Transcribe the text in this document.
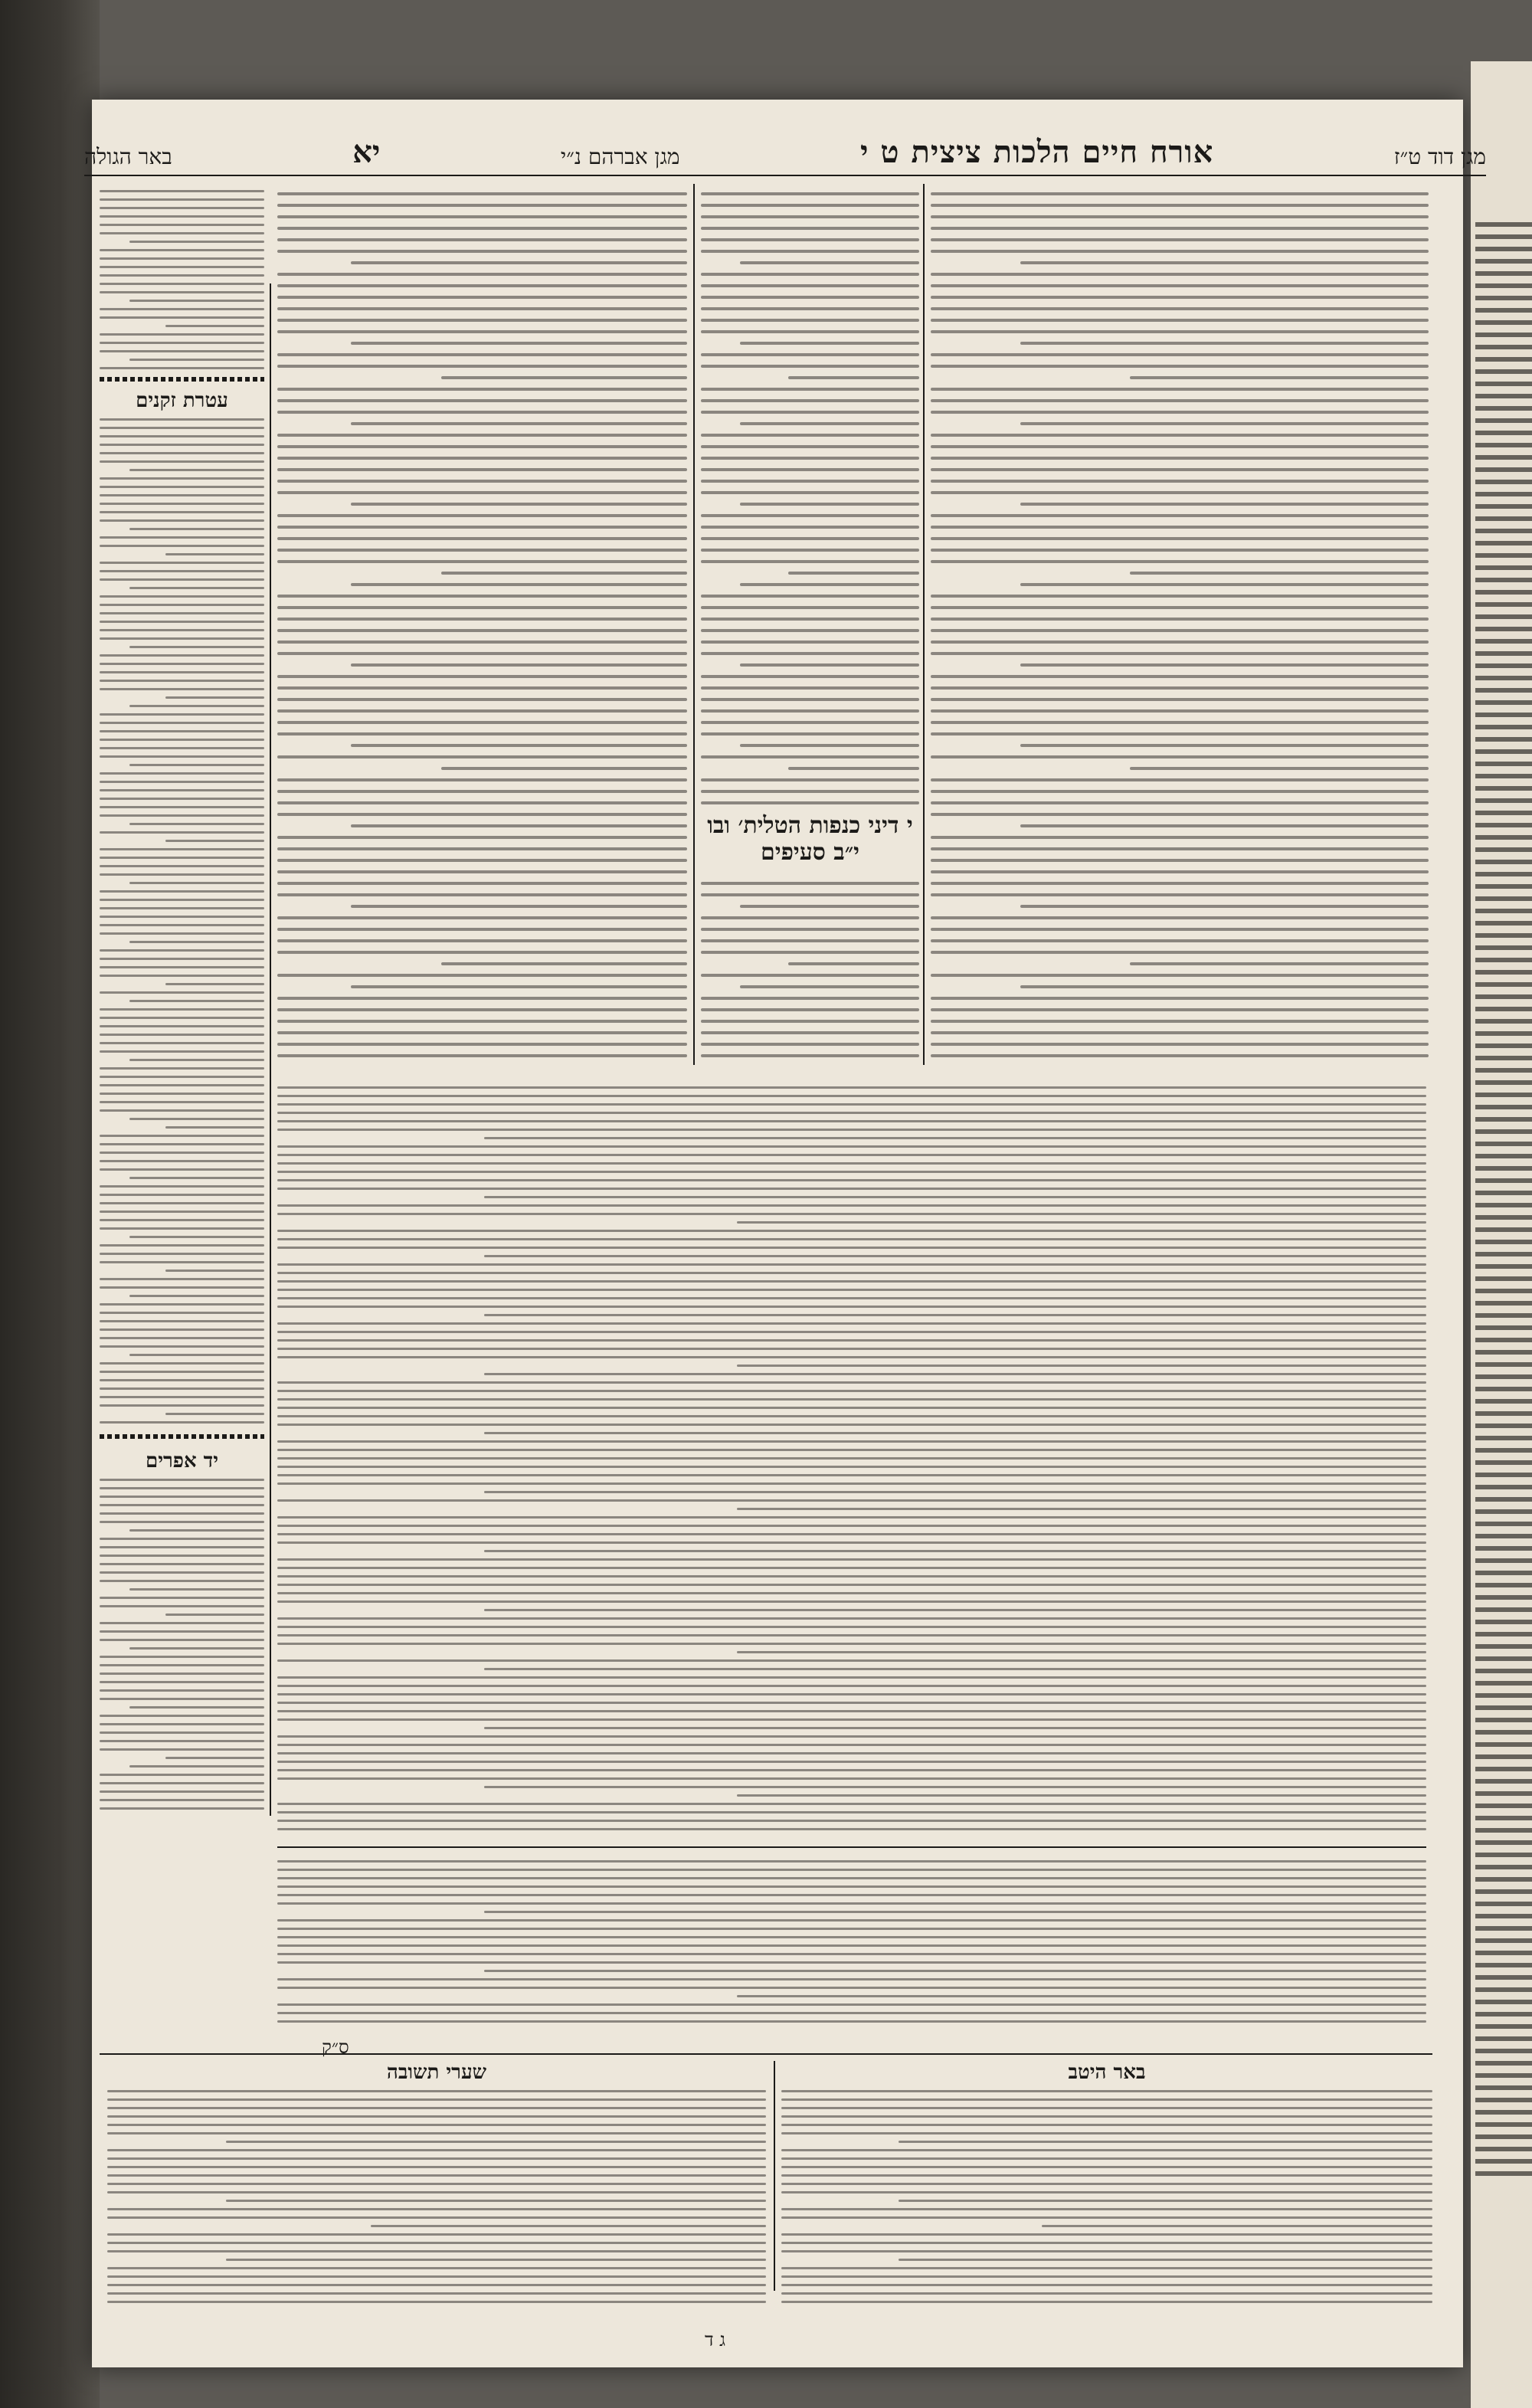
מגן דוד ט״ז
אורח חיים הלכות ציצית ט י
מגן אברהם נ״י
יא
באר הגולה
עטרת זקנים
יד אפרים
י דיני כנפות הטלית׳ ובו י״ב סעיפים
באר היטב
שערי תשובה
ג ד
ס״ק
